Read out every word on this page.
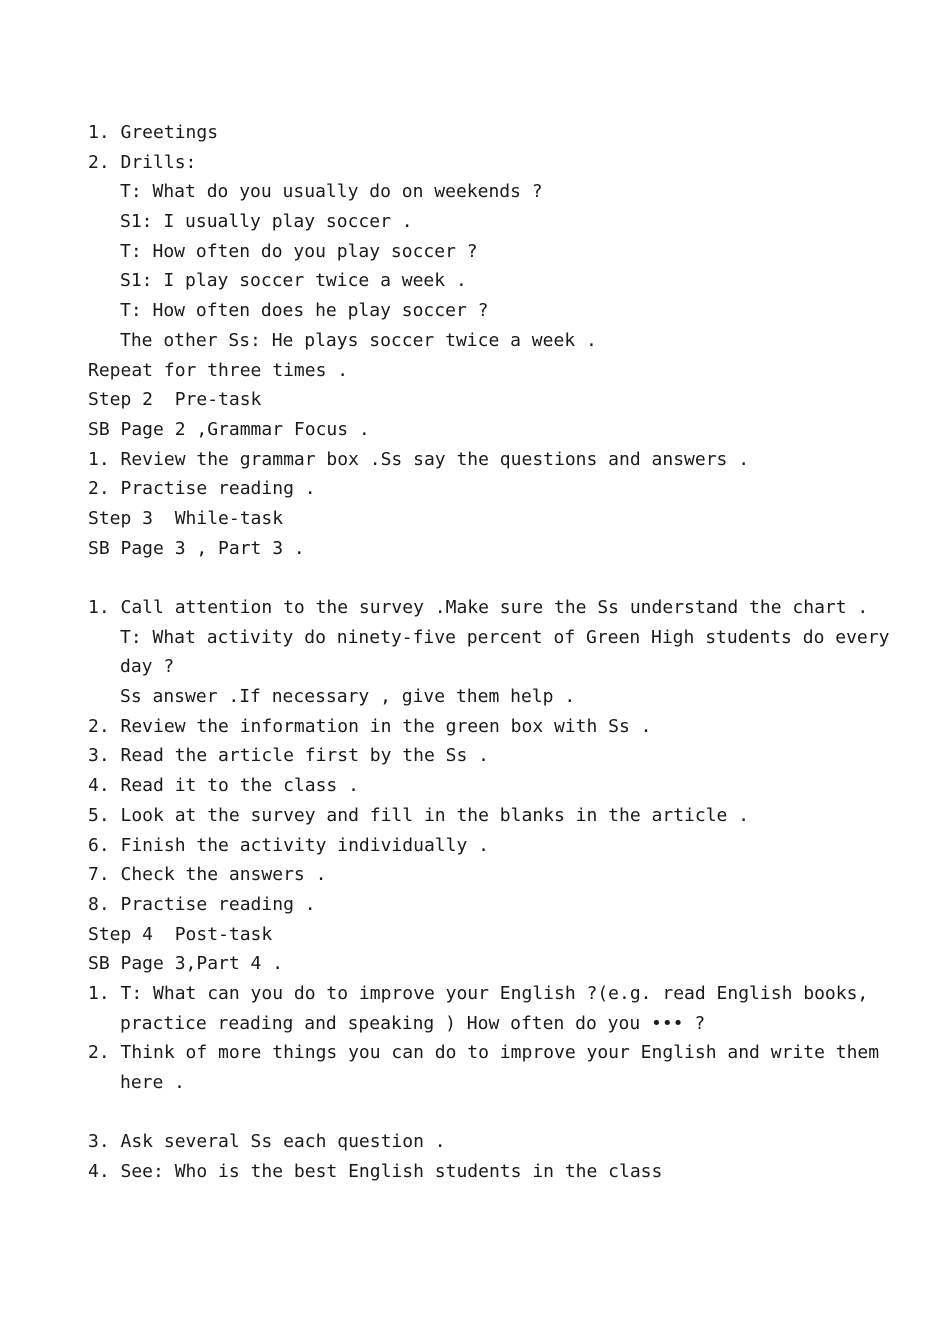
1. Greetings
2. Drills:
T: What do you usually do on weekends ?
S1: I usually play soccer .
T: How often do you play soccer ?
S1: I play soccer twice a week .
T: How often does he play soccer ?
The other Ss: He plays soccer twice a week .
Repeat for three times .
Step 2  Pre-task
SB Page 2 ,Grammar Focus .
1. Review the grammar box .Ss say the questions and answers .
2. Practise reading .
Step 3  While-task
SB Page 3 , Part 3 .
1. Call attention to the survey .Make sure the Ss understand the chart .
T: What activity do ninety-five percent of Green High students do every
day ?
Ss answer .If necessary , give them help .
2. Review the information in the green box with Ss .
3. Read the article first by the Ss .
4. Read it to the class .
5. Look at the survey and fill in the blanks in the article .
6. Finish the activity individually .
7. Check the answers .
8. Practise reading .
Step 4  Post-task
SB Page 3,Part 4 .
1. T: What can you do to improve your English ?(e.g. read English books,
practice reading and speaking ) How often do you ••• ?
2. Think of more things you can do to improve your English and write them
here .
3. Ask several Ss each question .
4. See: Who is the best English students in the class
